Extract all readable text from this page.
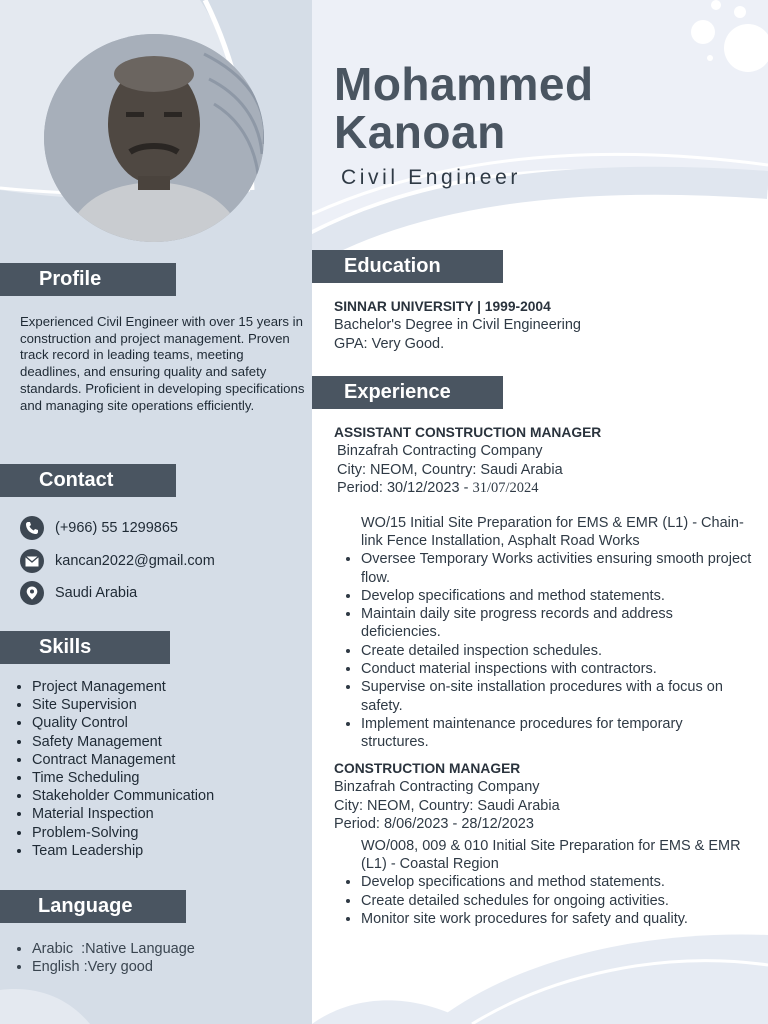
Profile
Experienced Civil Engineer with over 15 years in construction and project management. Proven track record in leading teams, meeting deadlines, and ensuring quality and safety standards. Proficient in developing specifications and managing site operations efficiently.
Contact
(+966) 55 1299865
kancan2022@gmail.com
Saudi Arabia
Skills
• Project Management
• Site Supervision
• Quality Control
• Safety Management
• Contract Management
• Time Scheduling
• Stakeholder Communication
• Material Inspection
• Problem-Solving
• Team Leadership
Language
• Arabic  :Native Language
• English :Very good
Mohammed
Kanoan
Civil Engineer
Education
SINNAR UNIVERSITY | 1999-2004
Bachelor's Degree in Civil Engineering
GPA: Very Good.
Experience
ASSISTANT CONSTRUCTION MANAGER
Binzafrah Contracting Company
City: NEOM, Country: Saudi Arabia
Period: 30/12/2023 - 31/07/2024
WO/15 Initial Site Preparation for EMS & EMR (L1) - Chain-link Fence Installation, Asphalt Road Works
• Oversee Temporary Works activities ensuring smooth project flow.
• Develop specifications and method statements.
• Maintain daily site progress records and address deficiencies.
• Create detailed inspection schedules.
• Conduct material inspections with contractors.
• Supervise on-site installation procedures with a focus on safety.
• Implement maintenance procedures for temporary structures.
CONSTRUCTION MANAGER
Binzafrah Contracting Company
City: NEOM, Country: Saudi Arabia
Period: 8/06/2023 - 28/12/2023
WO/008, 009 & 010 Initial Site Preparation for EMS & EMR (L1) - Coastal Region
• Develop specifications and method statements.
• Create detailed schedules for ongoing activities.
• Monitor site work procedures for safety and quality.
